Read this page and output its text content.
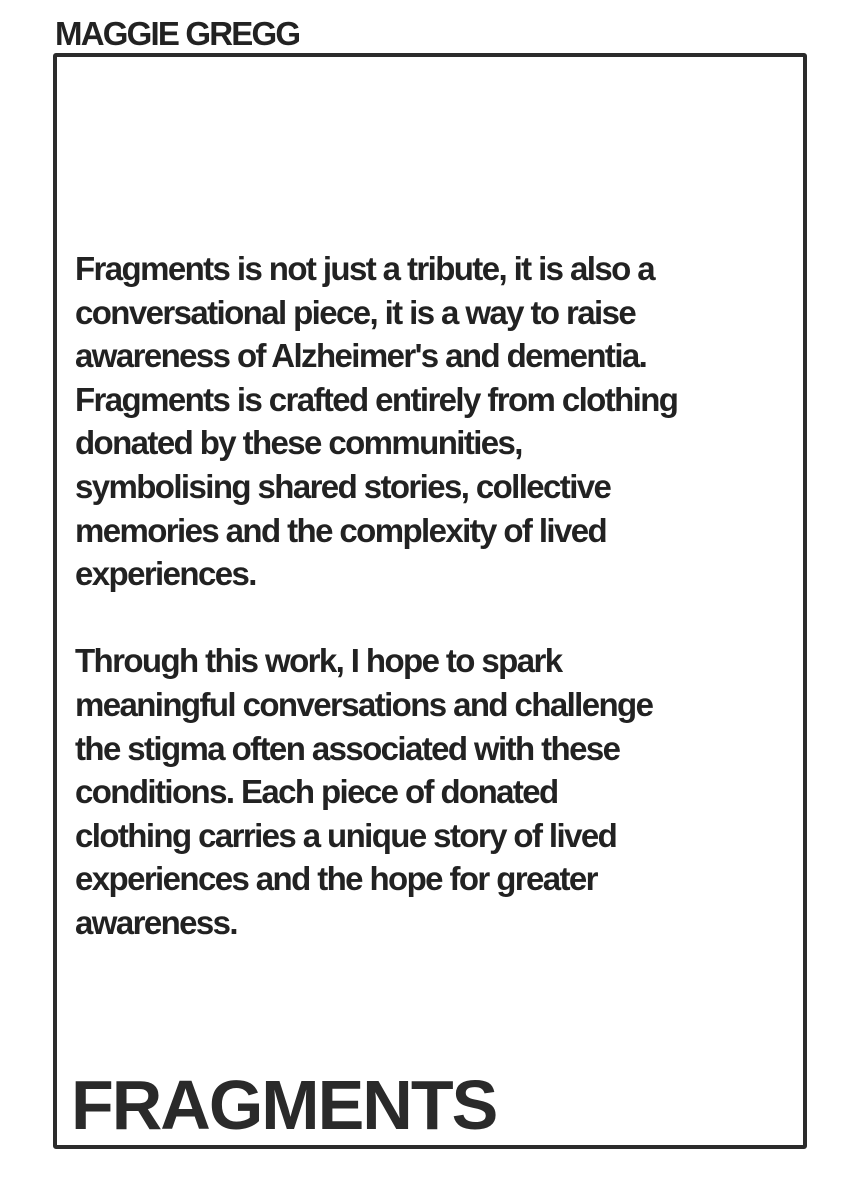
MAGGIE GREGG

Fragments is not just a tribute, it is also a
conversational piece, it is a way to raise
awareness of Alzheimer's and dementia.
Fragments is crafted entirely from clothing
donated by these communities,
symbolising shared stories, collective
memories and the complexity of lived
experiences.

Through this work, I hope to spark
meaningful conversations and challenge
the stigma often associated with these
conditions. Each piece of donated
clothing carries a unique story of lived
experiences and the hope for greater
awareness.

FRAGMENTS
